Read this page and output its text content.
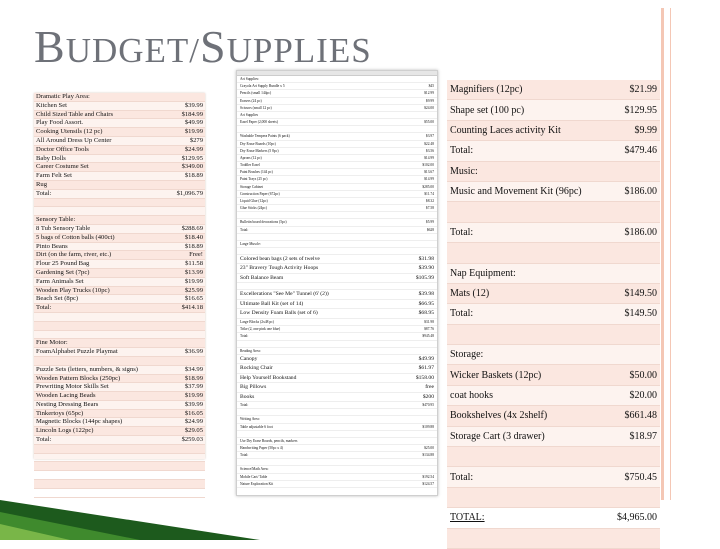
BUDGET/SUPPLIES
Dramatic Play Area:
Kitchen Set	$39.99
Child Sized Table and Chairs	$184.99
Play Food Assort.	$49.99
Cooking Utensils (12 pc)	$19.99
All Around Dress Up Center	$279
Doctor Office Tools	$24.99
Baby Dolls	$129.95
Career Costume Set	$349.00
Farm Felt Set	$18.89
Rug
Total:	$1,096.79
Sensory Table:
8 Tub Sensory Table	$288.69
5 bags of Cotton balls (400ct)	$18.40
Pinto Beans	$18.89
Dirt (on the farm, river, etc.)	Free!
Flour 25 Pound Bag	$11.58
Gardening Set (7pc)	$13.99
Farm Animals Set	$19.99
Wooden Play Trucks (10pc)	$25.99
Beach Set (8pc)	$16.65
Total:	$414.18
Fine Motor:
FoamAlphabet Puzzle Playmat	$36.99
Puzzle Sets (letters, numbers, & signs)	$34.99
Wooden Pattern Blocks (250pc)	$18.99
Prewriting Motor Skills Set	$37.99
Wooden Lacing Beads	$19.99
Nesting Dressing Bears	$39.99
Tinkertoys (65pc)	$16.05
Magnetic Blocks (144pc shapes)	$24.99
Lincoln Logs (122pc)	$29.05
Total:	$259.03
Art Supplies:
Crayola Art Supply Bundle x 5	$45
Pencils (small 144pc)	$12.99
Erasers (24 pc)	$9.99
Scissors (small 12 pc)	$24.00
Art Supplies
Easel Paper (2,000 sheets)	$55.00
Washable Tempera Paints (6 pack)	$3.97
Dry Erase Boards (10pc)	$22.48
Dry Erase Markers (5 8pc)	$3.56
Aprons (12 pc)	$14.99
Toddler Easel	$102.00
Paint Brushes (144 pc)	$13.67
Paint Trays (25 pc)	$14.99
Storage Cabinet	$285.00
Construction Paper (672pc)	$11.74
Liquid Glue (12pc)	$8.32
Glue Sticks (24pc)	$7.58
Bulletin board decorations (5pc)	$5.99
Total:	$628
Large Muscle:
Colored bean bags (2 sets of twelve	$31.98
23" Bravery Tough Activity Hoops	$39.90
Soft Balance Beam	$105.99
Excellerations "See Me" Tunnel (6' (2))	$39.98
Ultimate Ball Kit (set of 14)	$66.95
Low Density Foam Balls (set of 6)	$68.95
Large Blocks (2x48 pc)	$31.98
Trike (2, one pink one blue)	$87.76
Total:	$945.48
Reading Area:
Canopy	$49.99
Rocking Chair	$61.97
Help Yourself Bookstand	$158.00
Big Pillows	free
Books	$200
Total:	$470.95
Writing Area:
Table adjustable 6 foot	$109.88
Use Dry Erase Boards, pencils, markers
Handwriting Paper (50pc x 4)	$25.00
Total:	$134.88
Science/Math Area:
Mobile Cart/ Table	$192.54
Nature Exploration Kit	$124.57
Magnifiers (12pc)	$21.99
Shape set (100 pc)	$129.95
Counting Laces activity Kit	$9.99
Total:	$479.46
Music:
Music and Movement Kit (96pc)	$186.00
Total:	$186.00
Nap Equipment:
Mats (12)	$149.50
Total:	$149.50
Storage:
Wicker Baskets (12pc)	$50.00
coat hooks	$20.00
Bookshelves (4x 2shelf)	$661.48
Storage Cart (3 drawer)	$18.97
Total:	$750.45
TOTAL:	$4,965.00
